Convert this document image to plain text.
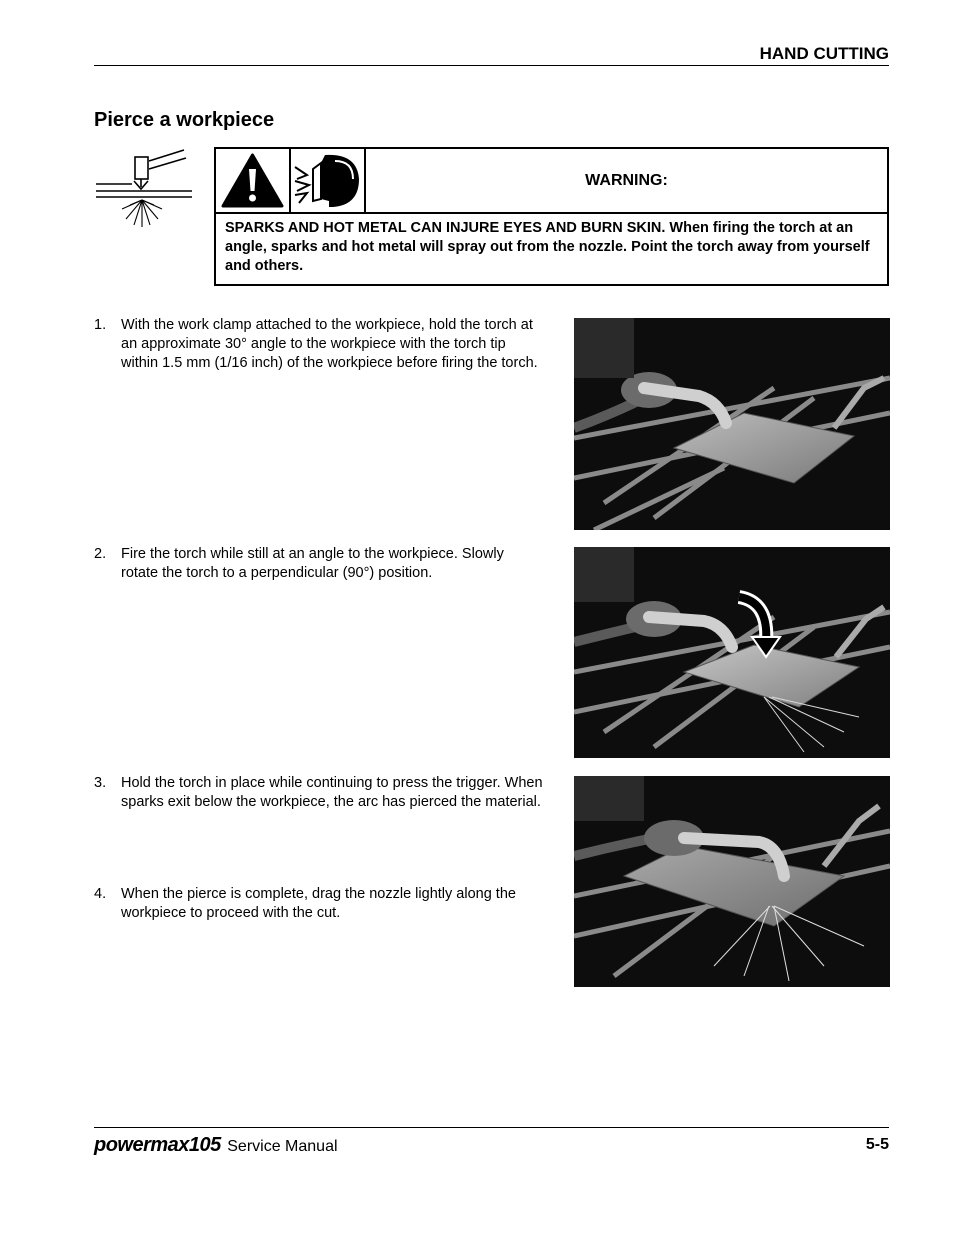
HAND CUTTING
Pierce a workpiece
WARNING:
SPARKS AND HOT METAL CAN INJURE EYES AND BURN SKIN. When firing the torch at an angle, sparks and hot metal will spray out from the nozzle. Point the torch away from yourself and others.
1. With the work clamp attached to the workpiece, hold the torch at an approximate 30° angle to the workpiece with the torch tip within 1.5 mm (1/16 inch) of the workpiece before firing the torch.
2. Fire the torch while still at an angle to the workpiece. Slowly rotate the torch to a perpendicular (90°) position.
3. Hold the torch in place while continuing to press the trigger. When sparks exit below the workpiece, the arc has pierced the material.
4. When the pierce is complete, drag the nozzle lightly along the workpiece to proceed with the cut.
powermax105 Service Manual	5-5
